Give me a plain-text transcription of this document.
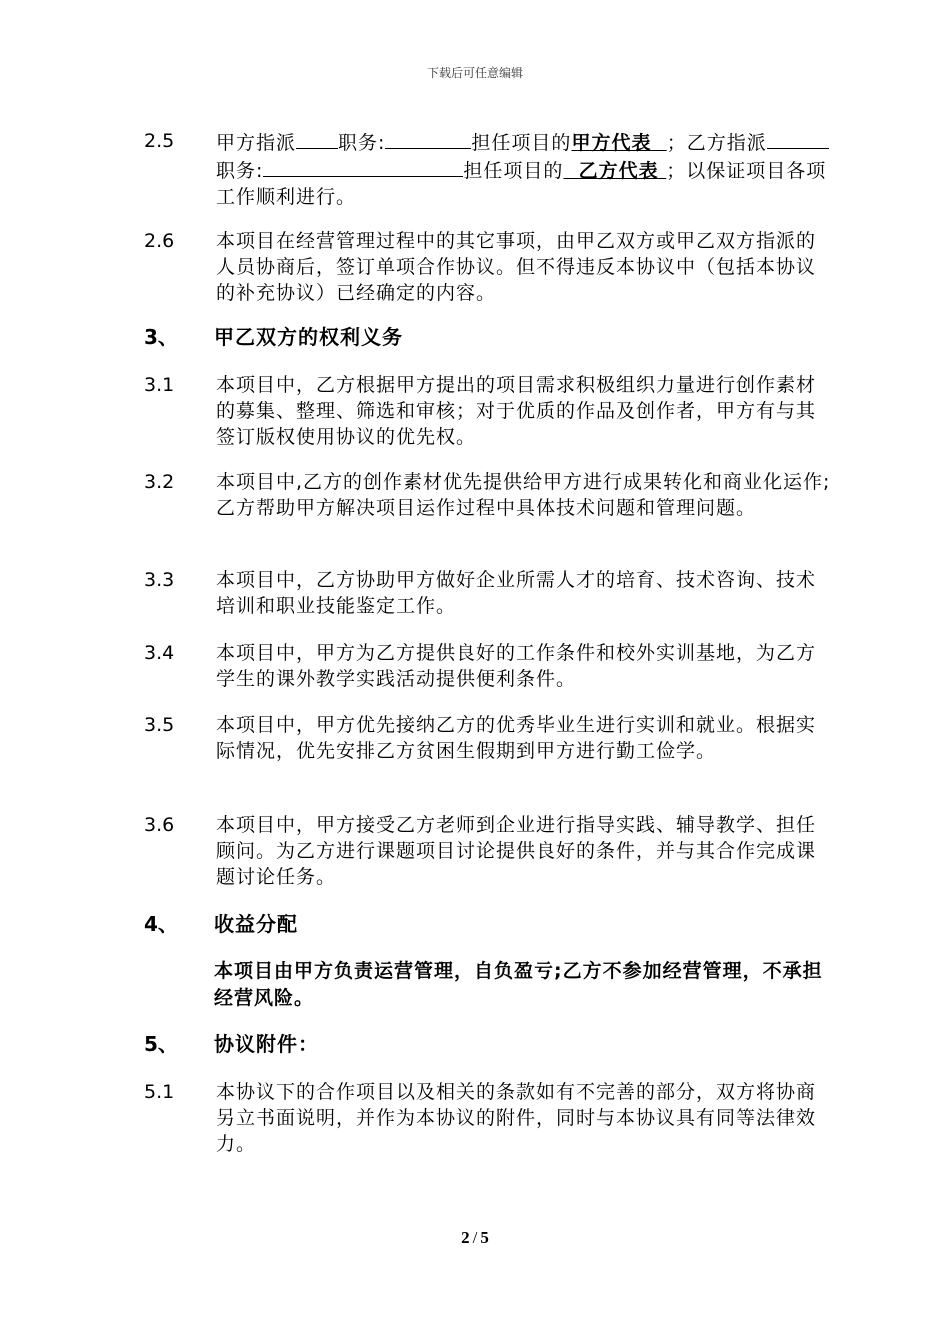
下载后可任意编辑
2.5	甲方指派 职务:	担任项目的甲方代表 ；乙方指派职务:	担任项目的 乙方代表 ；以保证项目各项工作顺利进行。
2.6	本项目在经营管理过程中的其它事项，由甲乙双方或甲乙双方指派的人员协商后，签订单项合作协议。但不得违反本协议中（包括本协议的补充协议）已经确定的内容。
3、 甲乙双方的权利义务
3.1	本项目中，乙方根据甲方提出的项目需求积极组织力量进行创作素材的募集、整理、筛选和审核；对于优质的作品及创作者，甲方有与其签订版权使用协议的优先权。
3.2	本项目中,乙方的创作素材优先提供给甲方进行成果转化和商业化运作;乙方帮助甲方解决项目运作过程中具体技术问题和管理问题。
3.3	本项目中，乙方协助甲方做好企业所需人才的培育、技术咨询、技术培训和职业技能鉴定工作。
3.4	本项目中，甲方为乙方提供良好的工作条件和校外实训基地，为乙方学生的课外教学实践活动提供便利条件。
3.5	本项目中，甲方优先接纳乙方的优秀毕业生进行实训和就业。根据实际情况，优先安排乙方贫困生假期到甲方进行勤工俭学。
3.6	本项目中，甲方接受乙方老师到企业进行指导实践、辅导教学、担任顾问。为乙方进行课题项目讨论提供良好的条件，并与其合作完成课题讨论任务。
4、 收益分配
本项目由甲方负责运营管理，自负盈亏;乙方不参加经营管理，不承担经营风险。
5、 协议附件：
5.1	本协议下的合作项目以及相关的条款如有不完善的部分，双方将协商另立书面说明，并作为本协议的附件，同时与本协议具有同等法律效力。
2 / 5
